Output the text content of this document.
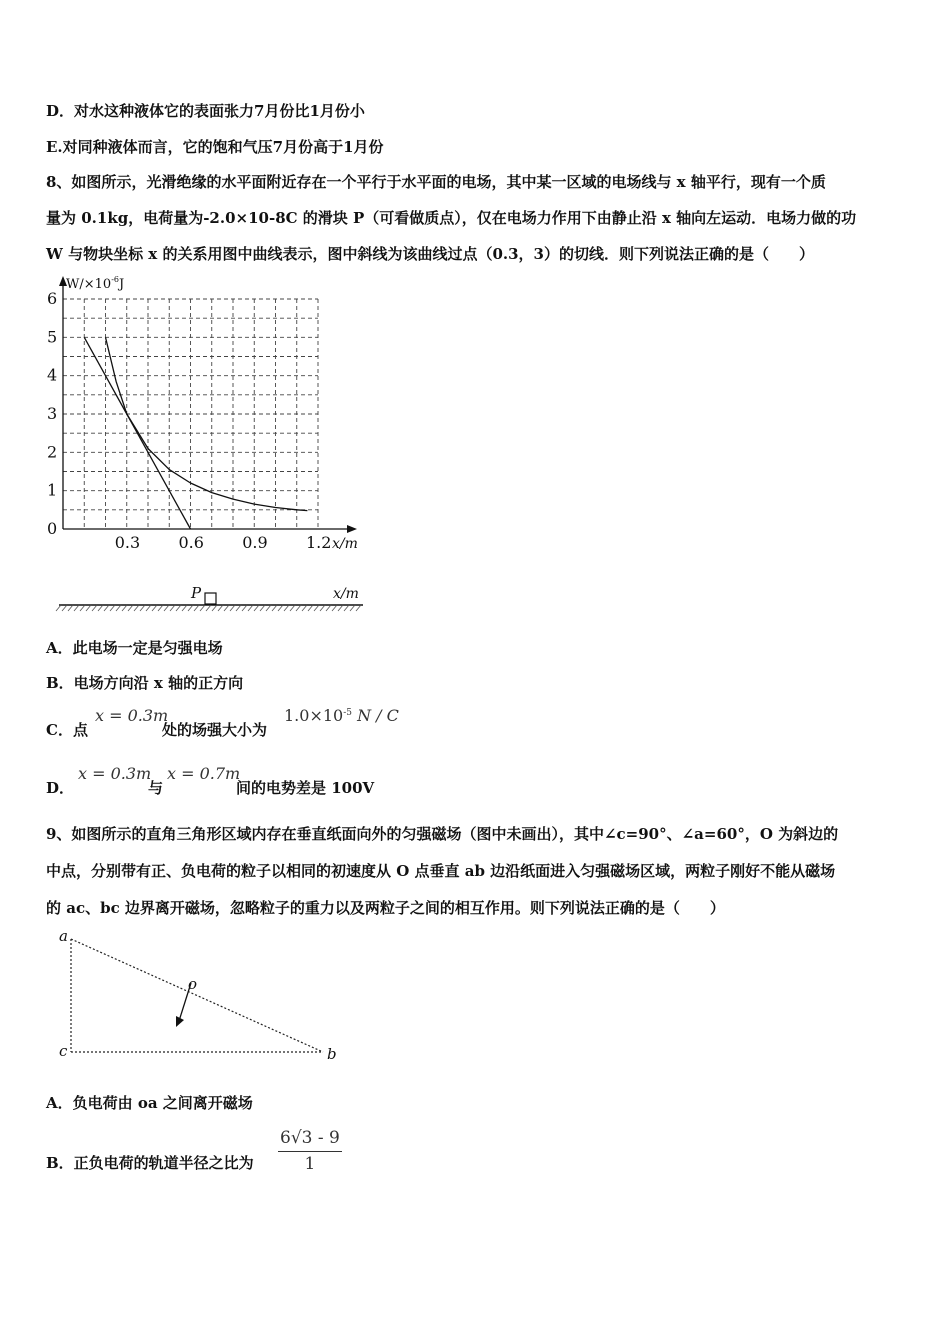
D．对水这种液体它的表面张力7月份比1月份小
E.对同种液体而言，它的饱和气压7月份高于1月份
8、如图所示，光滑绝缘的水平面附近存在一个平行于水平面的电场，其中某一区域的电场线与 x 轴平行，现有一个质
量为 0.1kg，电荷量为-2.0×10-8C 的滑块 P（可看做质点），仅在电场力作用下由静止沿 x 轴向左运动．电场力做的功
W 与物块坐标 x 的关系用图中曲线表示，图中斜线为该曲线过点（0.3，3）的切线．则下列说法正确的是（　　）
0
1
2
3
4
5
6
0.3 0.6 0.9 1.2
$W/\times 10^{-6}J$
x/m
P	x/m
A．此电场一定是匀强电场
B．电场方向沿 x 轴的正方向
C．点
x = 0.3m
处的场强大小为
$1.0\times 10^{-5}$ N / C
D．
x = 0.3m
与
x = 0.7m
间的电势差是 100V
9、如图所示的直角三角形区域内存在垂直纸面向外的匀强磁场（图中未画出），其中∠c=90°、∠a=60°，O 为斜边的
中点，分别带有正、负电荷的粒子以相同的初速度从 O 点垂直 ab 边沿纸面进入匀强磁场区域，两粒子刚好不能从磁场
的 ac、bc 边界离开磁场，忽略粒子的重力以及两粒子之间的相互作用。则下列说法正确的是（　　）
a
c	b
o
A．负电荷由 oa 之间离开磁场
B．正负电荷的轨道半径之比为 $\frac{6√3 - 9}{1}$
